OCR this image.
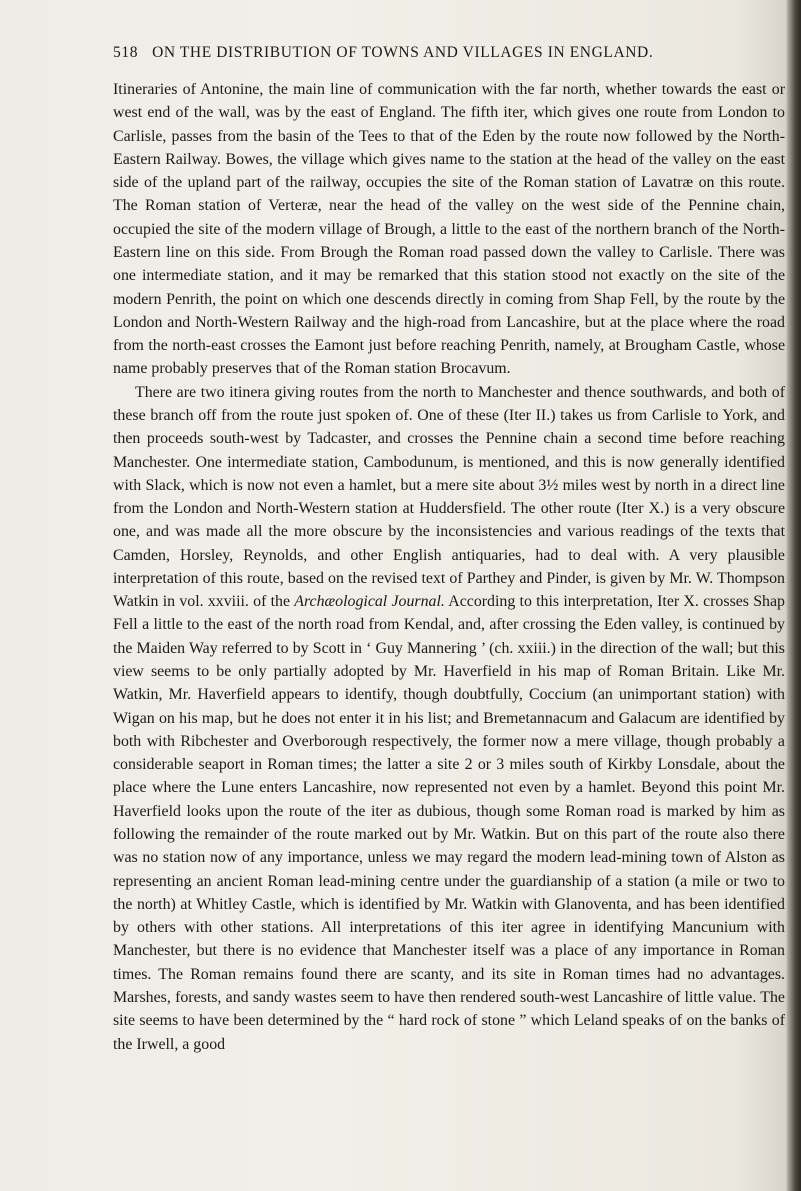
518 ON THE DISTRIBUTION OF TOWNS AND VILLAGES IN ENGLAND.

Itineraries of Antonine, the main line of communication with the far north, whether towards the east or west end of the wall, was by the east of England. The fifth iter, which gives one route from London to Carlisle, passes from the basin of the Tees to that of the Eden by the route now followed by the North-Eastern Railway. Bowes, the village which gives name to the station at the head of the valley on the east side of the upland part of the railway, occupies the site of the Roman station of Lavatræ on this route. The Roman station of Verteræ, near the head of the valley on the west side of the Pennine chain, occupied the site of the modern village of Brough, a little to the east of the northern branch of the North-Eastern line on this side. From Brough the Roman road passed down the valley to Carlisle. There was one intermediate station, and it may be remarked that this station stood not exactly on the site of the modern Penrith, the point on which one descends directly in coming from Shap Fell, by the route by the London and North-Western Railway and the high-road from Lancashire, but at the place where the road from the north-east crosses the Eamont just before reaching Penrith, namely, at Brougham Castle, whose name probably preserves that of the Roman station Brocavum.

There are two itinera giving routes from the north to Manchester and thence southwards, and both of these branch off from the route just spoken of. One of these (Iter II.) takes us from Carlisle to York, and then proceeds south-west by Tadcaster, and crosses the Pennine chain a second time before reaching Manchester. One intermediate station, Cambodunum, is mentioned, and this is now generally identified with Slack, which is now not even a hamlet, but a mere site about 3½ miles west by north in a direct line from the London and North-Western station at Huddersfield. The other route (Iter X.) is a very obscure one, and was made all the more obscure by the inconsistencies and various readings of the texts that Camden, Horsley, Reynolds, and other English antiquaries, had to deal with. A very plausible interpretation of this route, based on the revised text of Parthey and Pinder, is given by Mr. W. Thompson Watkin in vol. xxviii. of the Archæological Journal. According to this interpretation, Iter X. crosses Shap Fell a little to the east of the north road from Kendal, and, after crossing the Eden valley, is continued by the Maiden Way referred to by Scott in ‘ Guy Mannering ’ (ch. xxiii.) in the direction of the wall; but this view seems to be only partially adopted by Mr. Haverfield in his map of Roman Britain. Like Mr. Watkin, Mr. Haverfield appears to identify, though doubtfully, Coccium (an unimportant station) with Wigan on his map, but he does not enter it in his list; and Bremetannacum and Galacum are identified by both with Ribchester and Overborough respectively, the former now a mere village, though probably a considerable seaport in Roman times; the latter a site 2 or 3 miles south of Kirkby Lonsdale, about the place where the Lune enters Lancashire, now represented not even by a hamlet. Beyond this point Mr. Haverfield looks upon the route of the iter as dubious, though some Roman road is marked by him as following the remainder of the route marked out by Mr. Watkin. But on this part of the route also there was no station now of any importance, unless we may regard the modern lead-mining town of Alston as representing an ancient Roman lead-mining centre under the guardianship of a station (a mile or two to the north) at Whitley Castle, which is identified by Mr. Watkin with Glanoventa, and has been identified by others with other stations. All interpretations of this iter agree in identifying Mancunium with Manchester, but there is no evidence that Manchester itself was a place of any importance in Roman times. The Roman remains found there are scanty, and its site in Roman times had no advantages. Marshes, forests, and sandy wastes seem to have then rendered south-west Lancashire of little value. The site seems to have been determined by the “ hard rock of stone ” which Leland speaks of on the banks of the Irwell, a good
